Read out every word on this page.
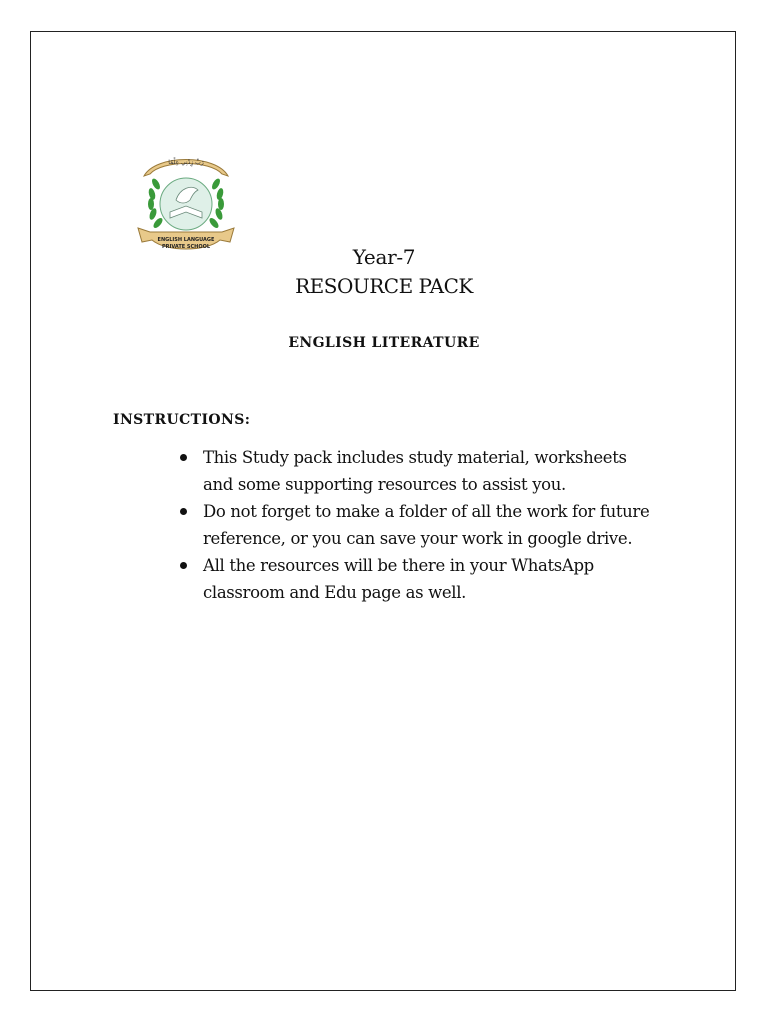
رَبِّ زِدْنِي عِلْمًا
ENGLISH LANGUAGE
PRIVATE SCHOOL	Year-7
RESOURCE PACK
ENGLISH LITERATURE
INSTRUCTIONS:
This Study pack includes study material, worksheets and some supporting resources to assist you.
Do not forget to make a folder of all the work for future reference, or you can save your work in google drive.
All the resources will be there in your WhatsApp classroom and Edu page as well.
